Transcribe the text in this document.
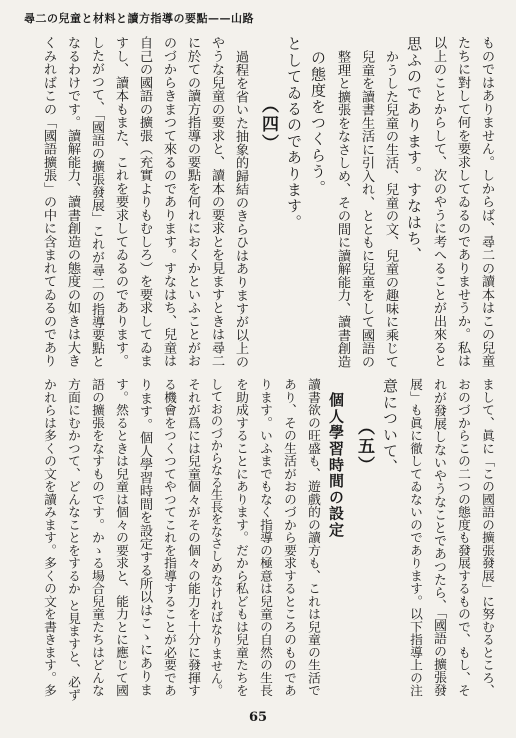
尋二の兒童と材料と讀方指導の要點——山路
ものではありません。しからば、尋二の讀本はこの兒童
たちに對して何を要求してゐるのでありませうか。私は
以上のことからして、次のやうに考へることが出來ると
思ふのであります。すなはち、
かうした兒童の生活、兒童の文、兒童の趣味に乘じて
兒童を讀書生活に引入れ、とともに兒童をして國語の
整理と擴張をなさしめ、その間に讀解能力、讀書創造
の態度をつくらう。
としてゐるのであります。
（四）
過程を省いた抽象的歸結のきらひはありますが以上の
やうな兒童の要求と、讀本の要求とを見ますときは尋二
に於ての讀方指導の要點を何れにおくかといふことがお
のづからきまつて來るのであります。すなはち、兒童は
自己の國語の擴張（充實よりもむしろ）を要求してゐま
すし、讀本もまた、これを要求してゐるのであります。
したがつて、「國語の擴張發展」これが尋二の指導要點と
なるわけです。讀解能力、讀書創造の態度の如きは大き
くみればこの「國語擴張」の中に含まれてゐるのであり
まして、眞に「この國語の擴張發展」に努むるところ、
おのづからこの二つの態度も發展するもので、もし、そ
れが發展しないやうなことであつたら、「國語の擴張發
展」も眞に徹してゐないのであります。以下指導上の注
意について、
（五）
個人學習時間の設定
讀書欲の旺盛も、遊戲的の讀方も、これは兒童の生活で
あり、その生活がおのづから要求するところのものであ
ります。いふまでもなく指導の極意は兒童の自然の生長
を助成することにあります。だから私どもは兒童たちを
しておのづからなる生長をなさしめなければなりません。
それが爲には兒童個々がその個々の能力を十分に發揮す
る機會をつくつてやつてこれを指導することが必要であ
ります。個人學習時間を設定する所以はこゝにありま
す。然るときは兒童は個々の要求と、能力とに應じて國
語の擴張をなすものです。かゝる場合兒童たちはどんな
方面にむかつて、どんなことをするか と見ますと、必ず
かれらは多くの文を讀みます。多くの文を書きます。多
65
